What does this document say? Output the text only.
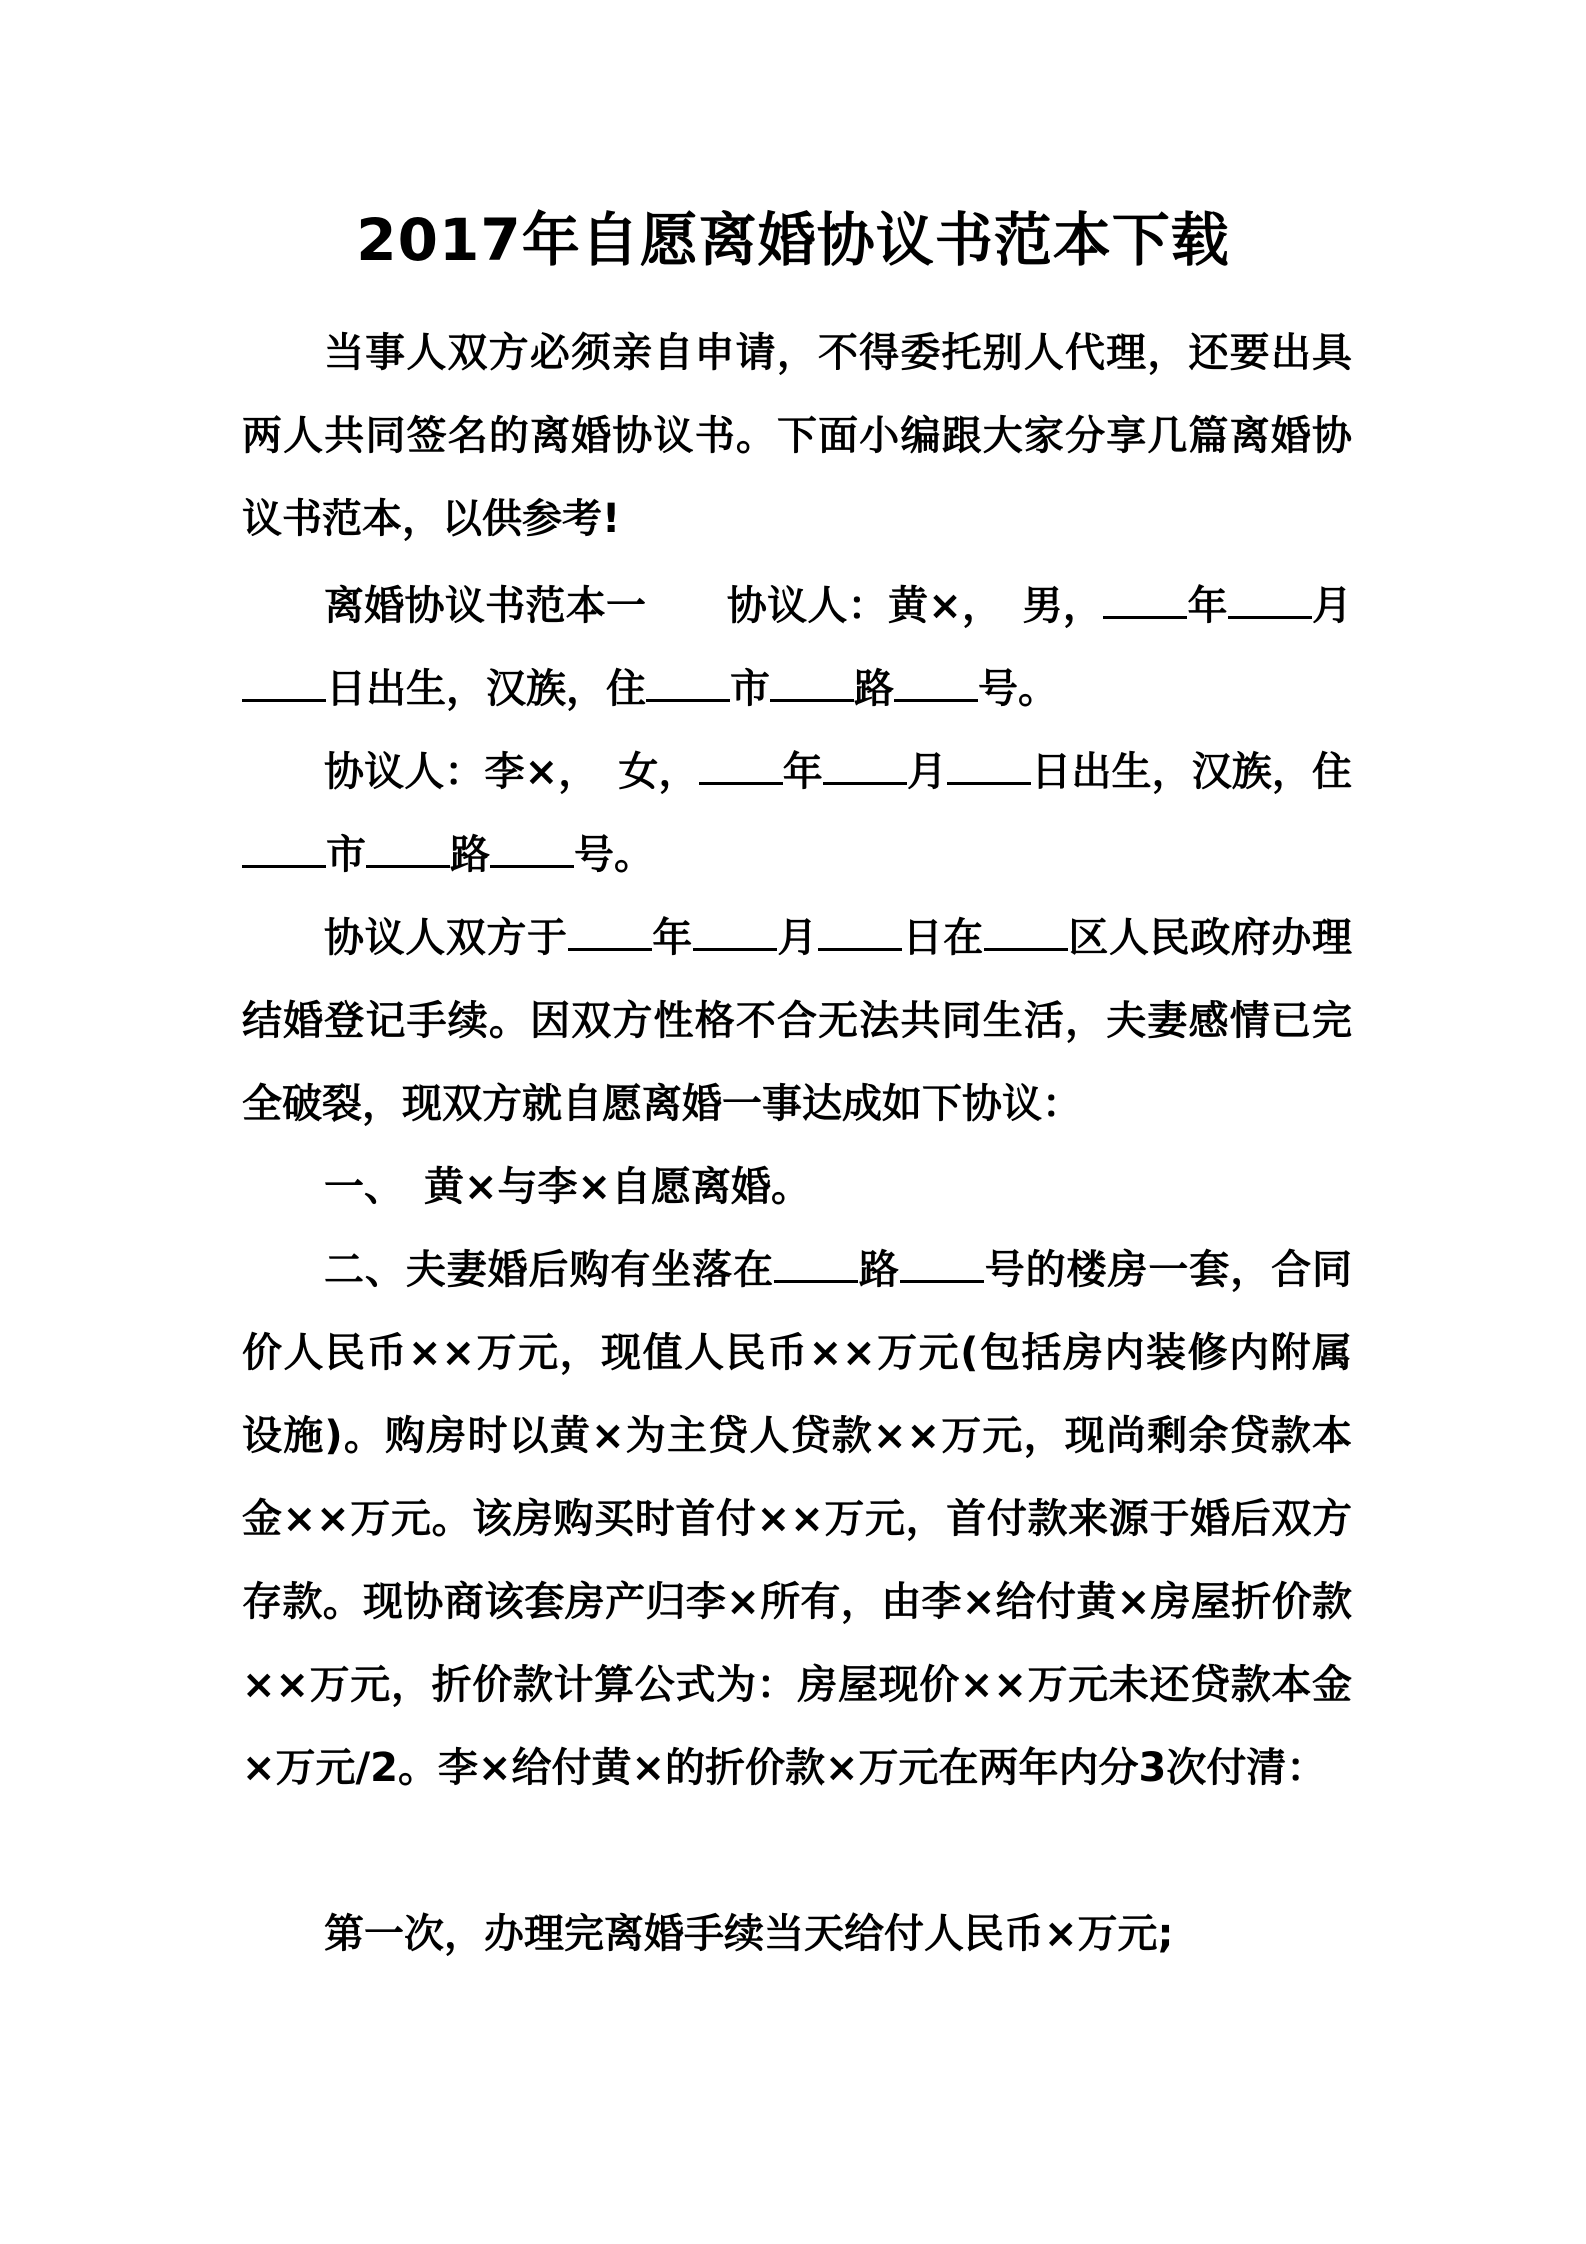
2017年自愿离婚协议书范本下载
当事人双方必须亲自申请，不得委托别人代理，还要出具两人共同签名的离婚协议书。下面小编跟大家分享几篇离婚协议书范本，以供参考!
离婚协议书范本一　　协议人：黄×，　男， 年 月日出生，汉族，住 市 路 号。
协议人：李×，　女， 年 月 日出生，汉族，住市 路 号。
协议人双方于 年 月 日在 区人民政府办理结婚登记手续。因双方性格不合无法共同生活，夫妻感情已完全破裂，现双方就自愿离婚一事达成如下协议：
一、　黄×与李×自愿离婚。
二、夫妻婚后购有坐落在 路 号的楼房一套，合同价人民币××万元，现值人民币××万元(包括房内装修内附属设施)。购房时以黄×为主贷人贷款××万元，现尚剩余贷款本金××万元。该房购买时首付××万元，首付款来源于婚后双方存款。现协商该套房产归李×所有，由李×给付黄×房屋折价款××万元，折价款计算公式为：房屋现价××万元未还贷款本金×万元/2。李×给付黄×的折价款×万元在两年内分3次付清：
第一次，办理完离婚手续当天给付人民币×万元;
